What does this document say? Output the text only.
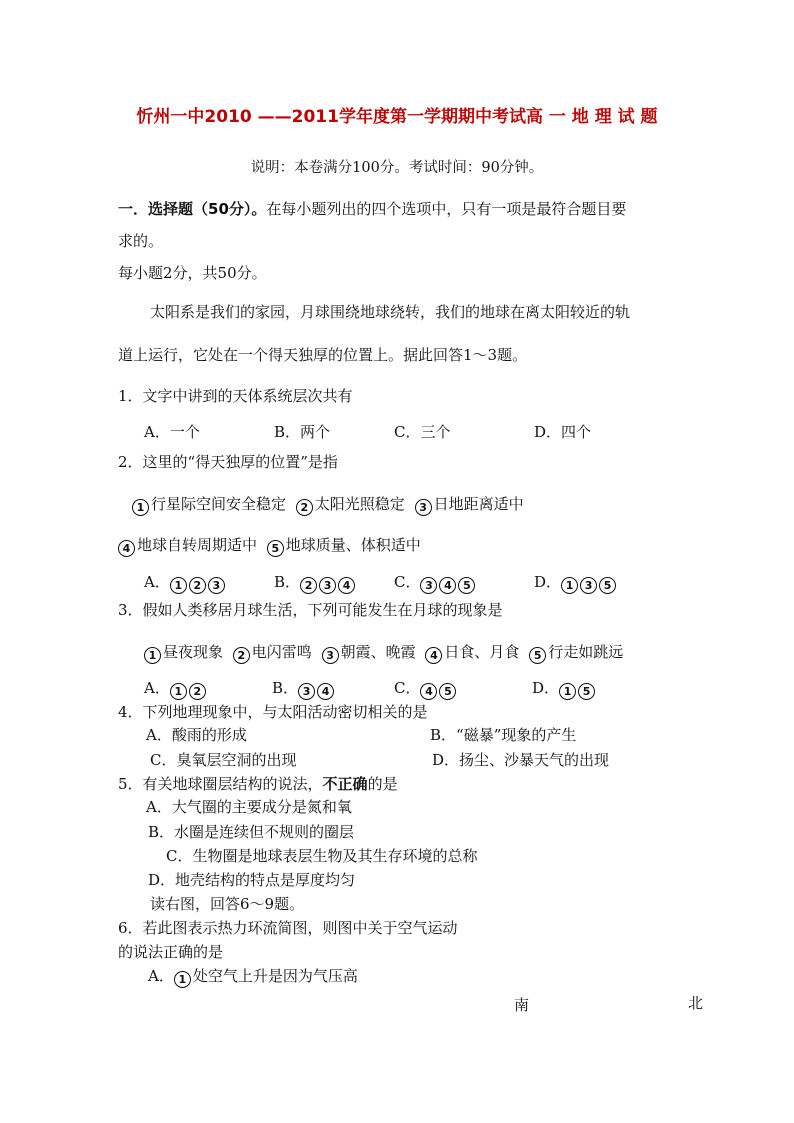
忻州一中2010 ——2011学年度第一学期期中考试高 一 地 理 试 题
说明：本卷满分100分。考试时间：90分钟。
一．选择题（50分）。在每小题列出的四个选项中，只有一项是最符合题目要
求的。
每小题2分，共50分。
太阳系是我们的家园，月球围绕地球绕转，我们的地球在离太阳较近的轨
道上运行，它处在一个得天独厚的位置上。据此回答1～3题。
1．文字中讲到的天体系统层次共有
A．一个	B．两个	C．三个	D．四个
2．这里的“得天独厚的位置”是指
1 行星际空间安全稳定 2 太阳光照稳定 3 日地距离适中
4 地球自转周期适中 5 地球质量、体积适中
A． 1 2 3	B． 2 3 4	C． 3 4 5	D． 1 3 5
3．假如人类移居月球生活，下列可能发生在月球的现象是
1 昼夜现象 2 电闪雷鸣 3 朝霞、晚霞 4 日食、月食 5 行走如跳远
A． 1 2	B． 3 4	C． 4 5	D． 1 5
4．下列地理现象中，与太阳活动密切相关的是
A．酸雨的形成	B．“磁暴”现象的产生
C．臭氧层空洞的出现	D．扬尘、沙暴天气的出现
5．有关地球圈层结构的说法，不正确的是
A．大气圈的主要成分是氮和氧
B．水圈是连续但不规则的圈层
C．生物圈是地球表层生物及其生存环境的总称
D．地壳结构的特点是厚度均匀
读右图，回答6～9题。
6．若此图表示热力环流简图，则图中关于空气运动
的说法正确的是
A． 1 处空气上升是因为气压高
南	北
